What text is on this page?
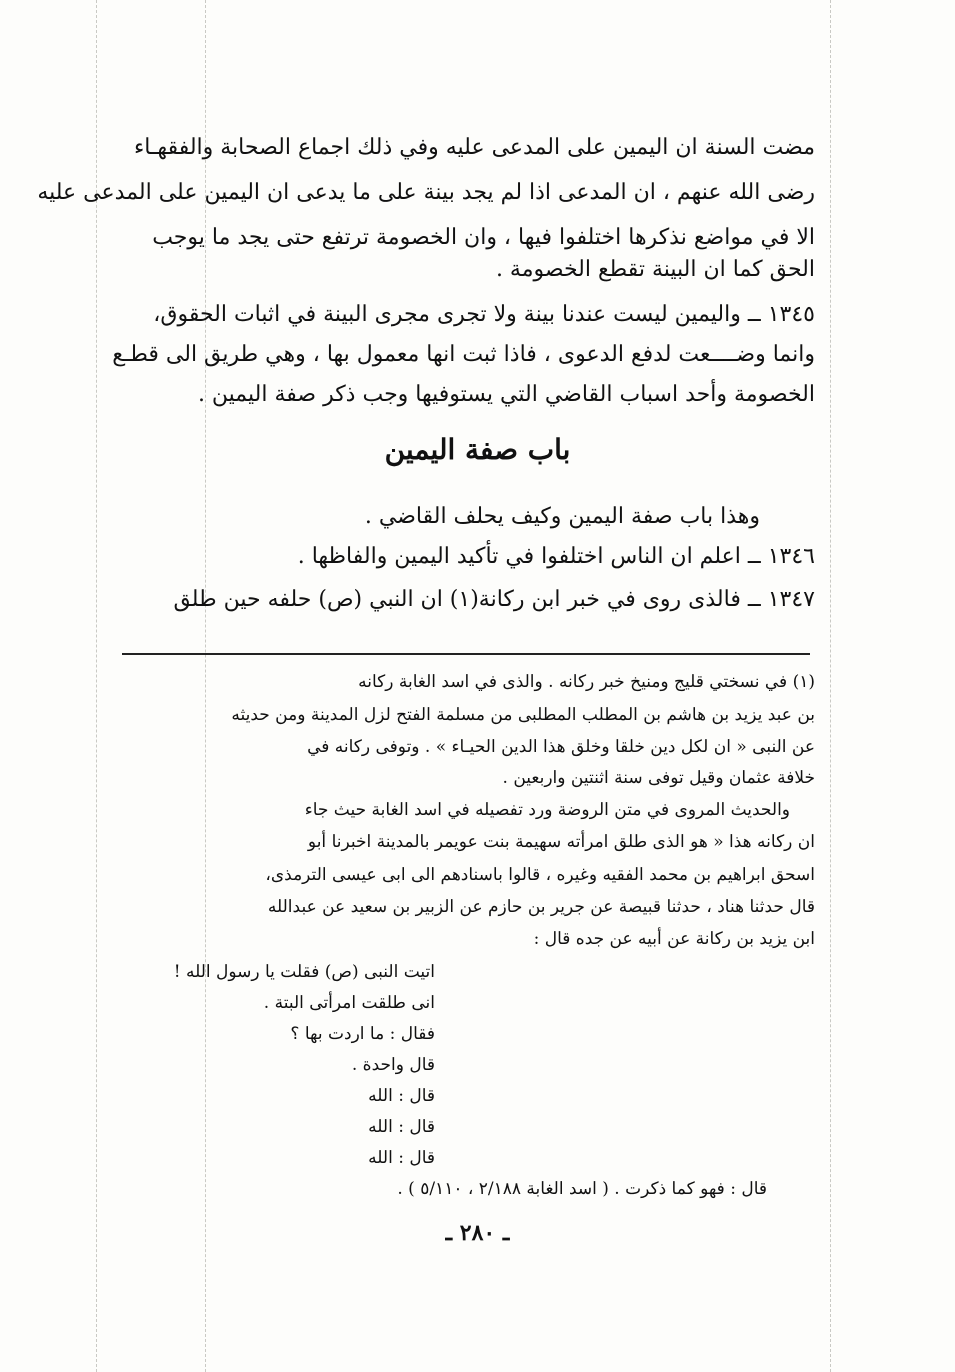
مضت السنة ان اليمين على المدعى عليه وفي ذلك اجماع الصحابة والفقهـاء
رضى الله عنهم ، ان المدعى اذا لم يجد بينة على ما يدعى ان اليمين على المدعى عليه
الا في مواضع نذكرها اختلفوا فيها ، وان الخصومة ترتفع حتى يجد ما يوجب
الحق كما ان البينة تقطع الخصومة .
١٣٤٥ ــ واليمين ليست عندنا بينة ولا تجرى مجرى البينة في اثبات الحقوق،
وانما وضــــعت لدفع الدعوى ، فاذا ثبت انها معمول بها ، وهي طريق الى قطـع
الخصومة وأحد اسباب القاضي التي يستوفيها وجب ذكر صفة اليمين .
باب صفة اليمين
وهذا باب صفة اليمين وكيف يحلف القاضي .
١٣٤٦ ــ اعلم ان الناس اختلفوا في تأكيد اليمين والفاظها .
١٣٤٧ ــ فالذى روى في خبر ابن ركانة(١) ان النبي (ص) حلفه حين طلق
(١) في نسختي قليج ومنيخ خبر ركانه . والذى في اسد الغابة ركانه
بن عبد يزيد بن هاشم بن المطلب المطلبى من مسلمة الفتح لزل المدينة ومن حديثه
عن النبى « ان لكل دين خلقا وخلق هذا الدين الحيـاء » . وتوفى ركانه في
خلافة عثمان وقيل توفى سنة اثنتين واربعين .
والحديث المروى في متن الروضة ورد تفصيله في اسد الغابة حيث جاء
ان ركانه هذا « هو الذى طلق امرأته سهيمة بنت عويمر بالمدينة اخبرنا أبو
اسحق ابراهيم بن محمد الفقيه وغيره ، قالوا باسنادهم الى ابى عيسى الترمذى،
قال حدثنا هناد ، حدثنا قبيصة عن جرير بن حازم عن الزبير بن سعيد عن عبدالله
ابن يزيد بن ركانة عن أبيه عن جده قال :
اتيت النبى (ص) فقلت يا رسول الله !
انى طلقت امرأتى البتة .
فقال : ما اردت بها ؟
قال واحدة .
قال : الله
قال : الله
قال : الله
قال : فهو كما ذكرت . ( اسد الغابة ٢/١٨٨ ، ٥/١١٠ ) .
ـ ٢٨٠ ـ
